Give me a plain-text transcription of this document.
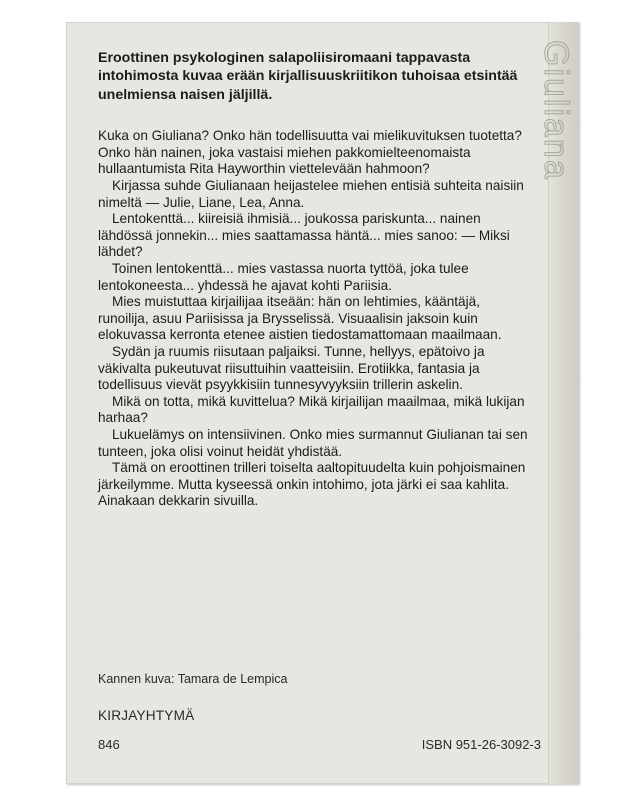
Giuliana

Eroottinen psykologinen salapoliisiromaani tappavasta intohimosta kuvaa erään kirjallisuuskriitikon tuhoisaa etsintää unelmiensa naisen jäljillä.

Kuka on Giuliana? Onko hän todellisuutta vai mielikuvituksen tuotetta? Onko hän nainen, joka vastaisi miehen pakkomielteenomaista hullaantumista Rita Hayworthin viettelevään hahmoon?

Kirjassa suhde Giulianaan heijastelee miehen entisiä suhteita naisiin nimeltä — Julie, Liane, Lea, Anna.

Lentokenttä... kiireisiä ihmisiä... joukossa pariskunta... nainen lähdössä jonnekin... mies saattamassa häntä... mies sanoo: — Miksi lähdet?

Toinen lentokenttä... mies vastassa nuorta tyttöä, joka tulee lentokoneesta... yhdessä he ajavat kohti Pariisia.

Mies muistuttaa kirjailijaa itseään: hän on lehtimies, kääntäjä, runoilija, asuu Pariisissa ja Brysselissä. Visuaalisin jaksoin kuin elokuvassa kerronta etenee aistien tiedostamattomaan maailmaan.

Sydän ja ruumis riisutaan paljaiksi. Tunne, hellyys, epätoivo ja väkivalta pukeutuvat riisuttuihin vaatteisiin. Erotiikka, fantasia ja todellisuus vievät psyykkisiin tunnesyvyyksiin trillerin askelin.

Mikä on totta, mikä kuvittelua? Mikä kirjailijan maailmaa, mikä lukijan harhaa?

Lukuelämys on intensiivinen. Onko mies surmannut Giulianan tai sen tunteen, joka olisi voinut heidät yhdistää.

Tämä on eroottinen trilleri toiselta aaltopituudelta kuin pohjoismainen järkeilymme. Mutta kyseessä onkin intohimo, jota järki ei saa kahlita. Ainakaan dekkarin sivuilla.

Kannen kuva: Tamara de Lempica
KIRJAYHTYMÄ
846	ISBN 951-26-3092-3
